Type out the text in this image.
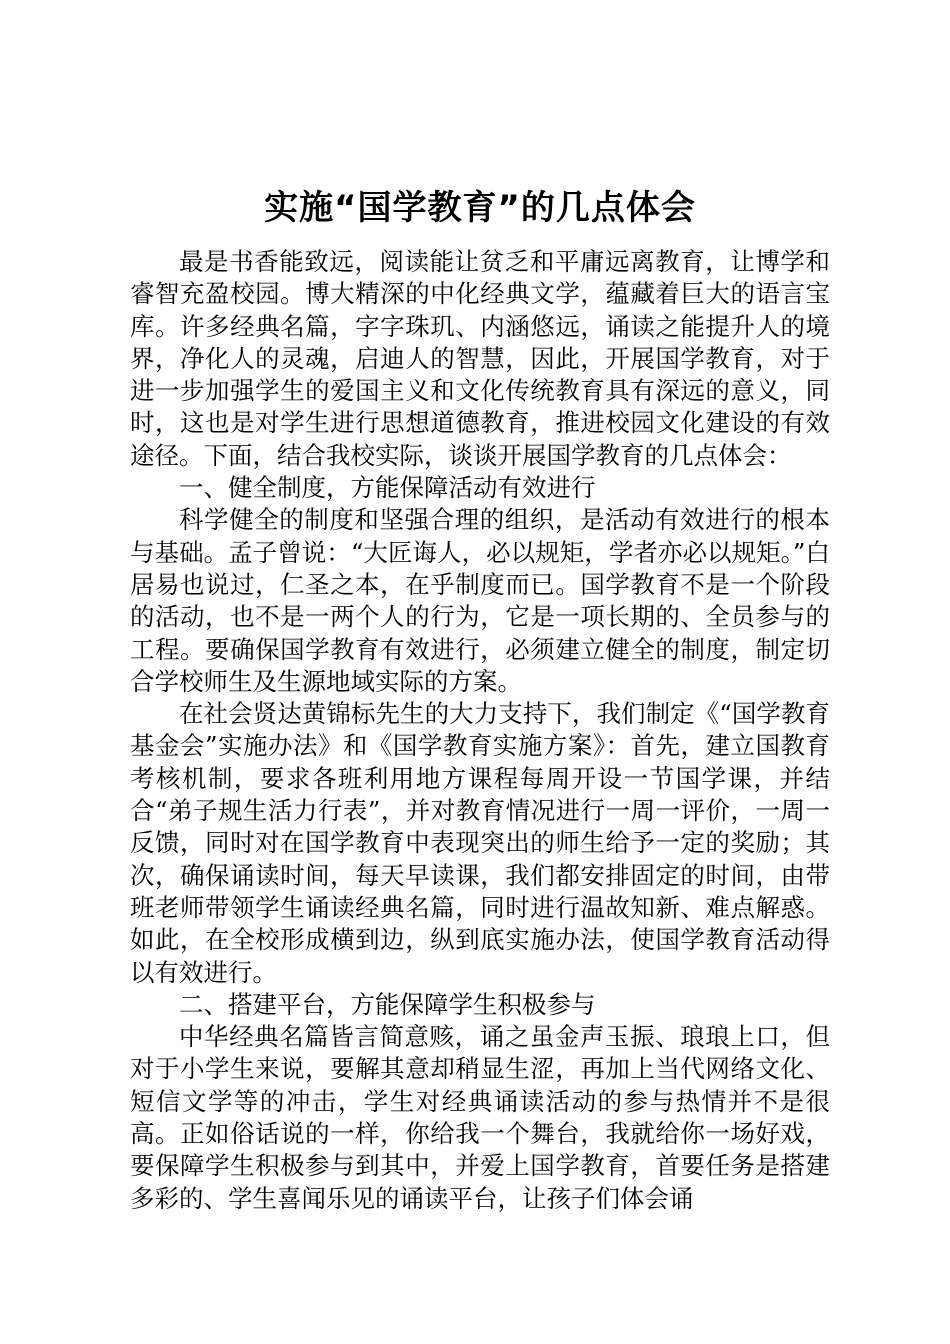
实施“国学教育”的几点体会

最是书香能致远，阅读能让贫乏和平庸远离教育，让博学和睿智充盈校园。博大精深的中化经典文学，蕴藏着巨大的语言宝库。许多经典名篇，字字珠玑、内涵悠远，诵读之能提升人的境界，净化人的灵魂，启迪人的智慧，因此，开展国学教育，对于进一步加强学生的爱国主义和文化传统教育具有深远的意义，同时，这也是对学生进行思想道德教育，推进校园文化建设的有效途径。下面，结合我校实际，谈谈开展国学教育的几点体会：

一、健全制度，方能保障活动有效进行

科学健全的制度和坚强合理的组织，是活动有效进行的根本与基础。孟子曾说：“大匠诲人，必以规矩，学者亦必以规矩。”白居易也说过，仁圣之本，在乎制度而已。国学教育不是一个阶段的活动，也不是一两个人的行为，它是一项长期的、全员参与的工程。要确保国学教育有效进行，必须建立健全的制度，制定切合学校师生及生源地域实际的方案。

在社会贤达黄锦标先生的大力支持下，我们制定《“国学教育基金会”实施办法》和《国学教育实施方案》：首先，建立国教育考核机制，要求各班利用地方课程每周开设一节国学课，并结合“弟子规生活力行表”，并对教育情况进行一周一评价，一周一反馈，同时对在国学教育中表现突出的师生给予一定的奖励；其次，确保诵读时间，每天早读课，我们都安排固定的时间，由带班老师带领学生诵读经典名篇，同时进行温故知新、难点解惑。如此，在全校形成横到边，纵到底实施办法，使国学教育活动得以有效进行。

二、搭建平台，方能保障学生积极参与

中华经典名篇皆言简意赅，诵之虽金声玉振、琅琅上口，但对于小学生来说，要解其意却稍显生涩，再加上当代网络文化、短信文学等的冲击，学生对经典诵读活动的参与热情并不是很高。正如俗话说的一样，你给我一个舞台，我就给你一场好戏，要保障学生积极参与到其中，并爱上国学教育，首要任务是搭建多彩的、学生喜闻乐见的诵读平台，让孩子们体会诵
